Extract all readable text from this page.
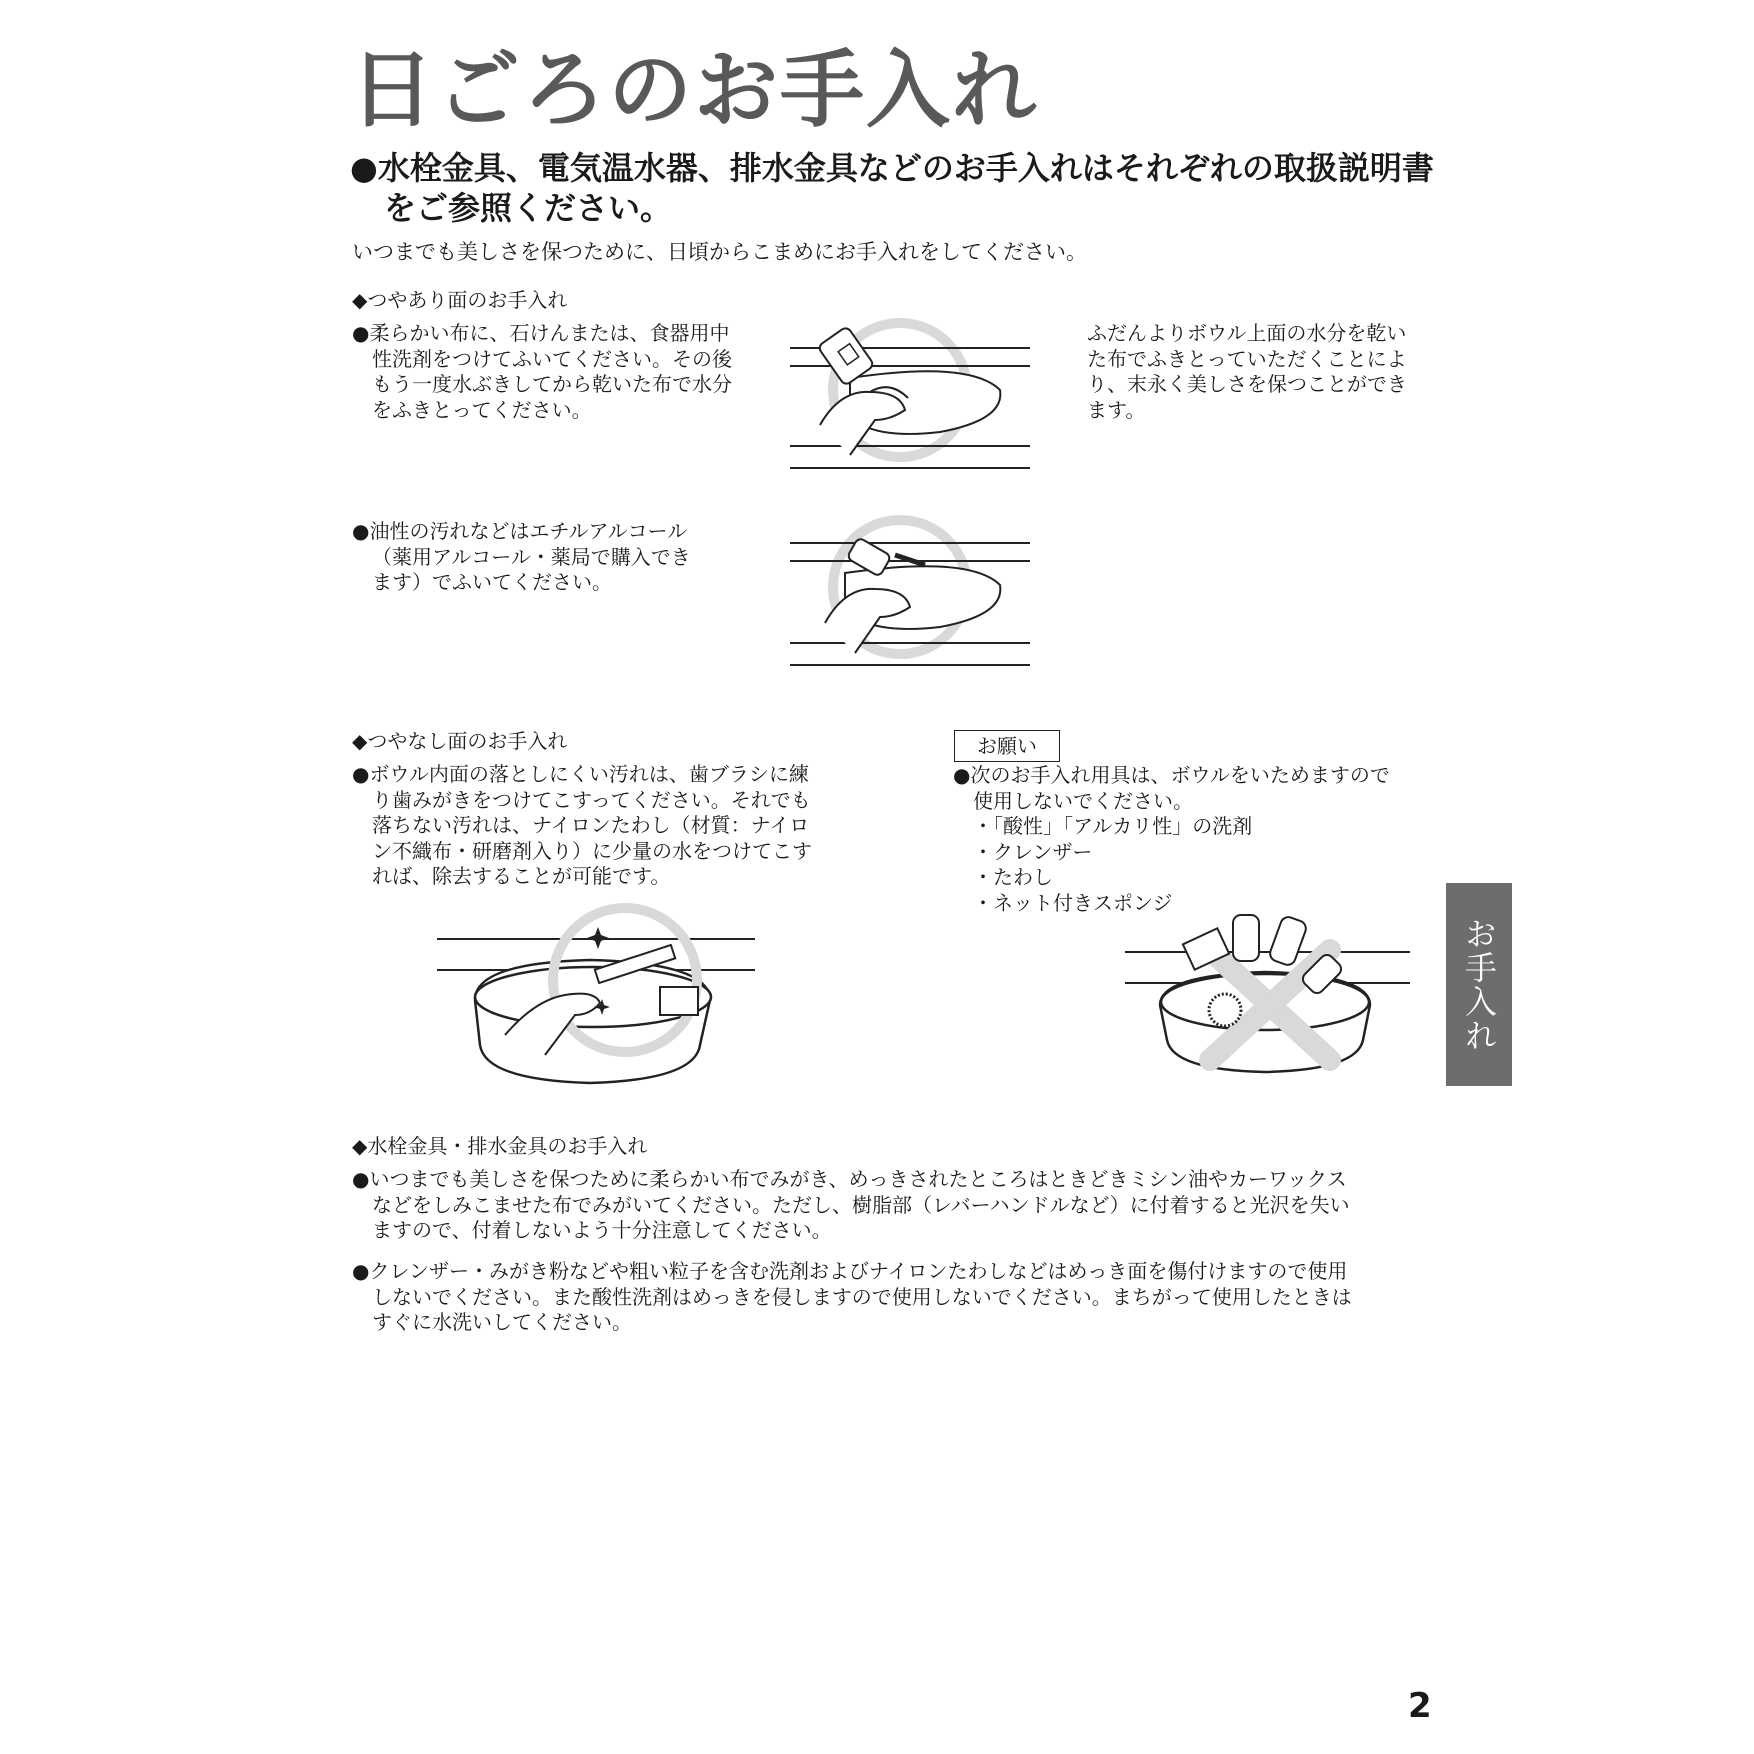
日ごろのお手入れ
●水栓金具、電気温水器、排水金具などのお手入れはそれぞれの取扱説明書
をご参照ください。
いつまでも美しさを保つために、日頃からこまめにお手入れをしてください。
◆つやあり面のお手入れ
●柔らかい布に、石けんまたは、食器用中
性洗剤をつけてふいてください。その後
もう一度水ぶきしてから乾いた布で水分
をふきとってください。
ふだんよりボウル上面の水分を乾い
た布でふきとっていただくことによ
り、末永く美しさを保つことができ
ます。
●油性の汚れなどはエチルアルコール
（薬用アルコール・薬局で購入でき
ます）でふいてください。
◆つやなし面のお手入れ
●ボウル内面の落としにくい汚れは、歯ブラシに練
り歯みがきをつけてこすってください。それでも
落ちない汚れは、ナイロンたわし（材質：ナイロ
ン不織布・研磨剤入り）に少量の水をつけてこす
れば、除去することが可能です。
お願い
●次のお手入れ用具は、ボウルをいためますので
使用しないでください。
・「酸性」「アルカリ性」の洗剤
・クレンザー
・たわし
・ネット付きスポンジ
◆水栓金具・排水金具のお手入れ
●いつまでも美しさを保つために柔らかい布でみがき、めっきされたところはときどきミシン油やカーワックス
などをしみこませた布でみがいてください。ただし、樹脂部（レバーハンドルなど）に付着すると光沢を失い
ますので、付着しないよう十分注意してください。
●クレンザー・みがき粉などや粗い粒子を含む洗剤およびナイロンたわしなどはめっき面を傷付けますので使用
しないでください。また酸性洗剤はめっきを侵しますので使用しないでください。まちがって使用したときは
すぐに水洗いしてください。
お手入れ
2
